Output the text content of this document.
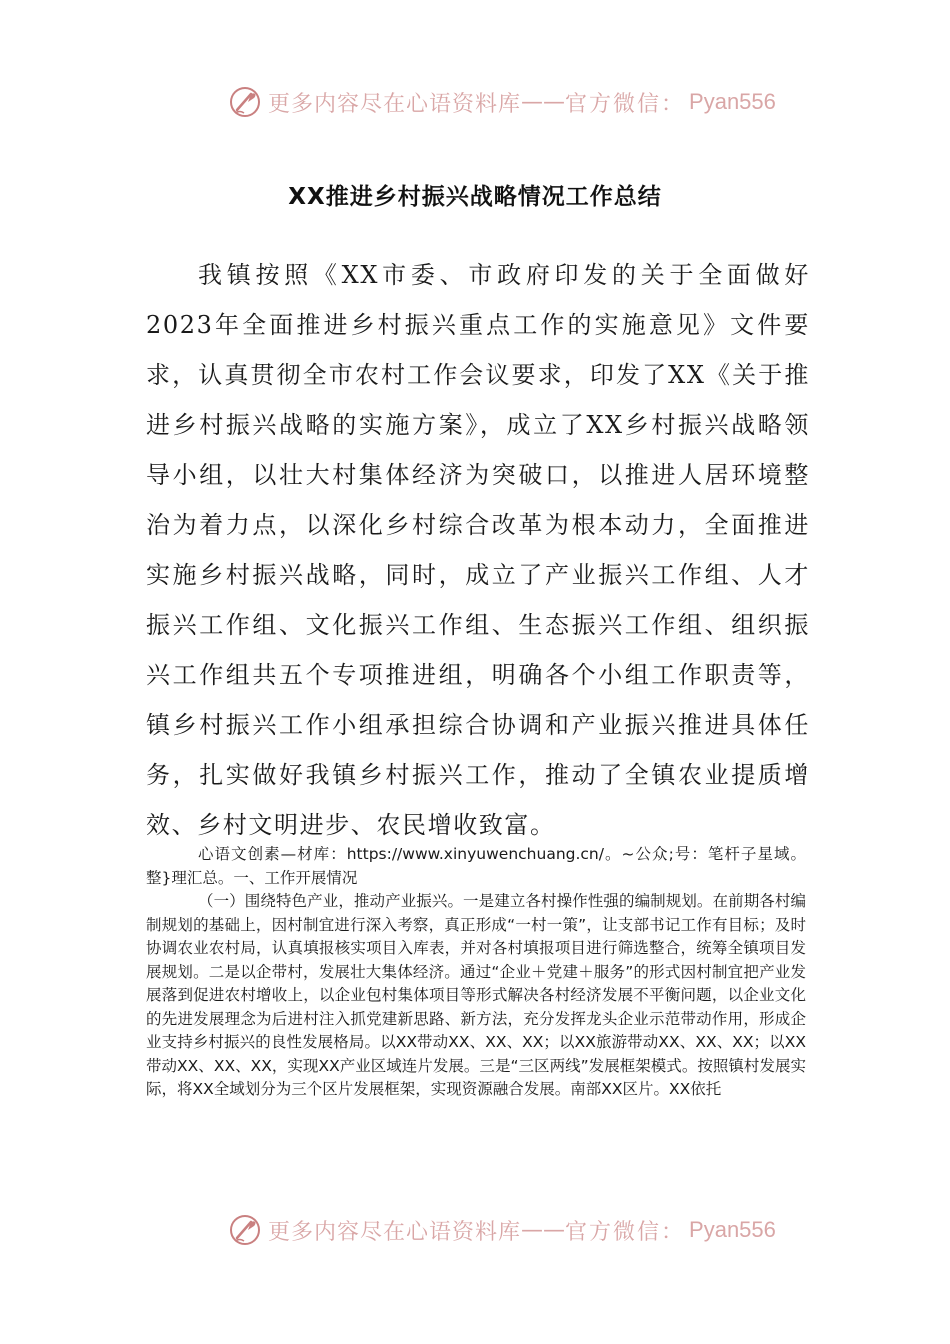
更多内容尽在心语资料库 —— 官方微信： Pyan556
XX推进乡村振兴战略情况工作总结

我镇按照《XX市委、市政府印发的关于全面做好2023年全面推进乡村振兴重点工作的实施意见》文件要求，认真贯彻全市农村工作会议要求，印发了XX《关于推进乡村振兴战略的实施方案》，成立了XX乡村振兴战略领导小组，以壮大村集体经济为突破口，以推进人居环境整治为着力点，以深化乡村综合改革为根本动力，全面推进实施乡村振兴战略，同时，成立了产业振兴工作组、人才振兴工作组、文化振兴工作组、生态振兴工作组、组织振兴工作组共五个专项推进组，明确各个小组工作职责等，镇乡村振兴工作小组承担综合协调和产业振兴推进具体任务，扎实做好我镇乡村振兴工作，推动了全镇农业提质增效、乡村文明进步、农民增收致富。

心语文创素—材库：https://www.xinyuwenchuang.cn/。~公众;号：笔杆子星域。整}理汇总。一、工作开展情况

（一）围绕特色产业，推动产业振兴。一是建立各村操作性强的编制规划。在前期各村编制规划的基础上，因村制宜进行深入考察，真正形成“一村一策”，让支部书记工作有目标；及时协调农业农村局，认真填报核实项目入库表，并对各村填报项目进行筛选整合，统筹全镇项目发展规划。二是以企带村，发展壮大集体经济。通过“企业＋党建＋服务”的形式因村制宜把产业发展落到促进农村增收上，以企业包村集体项目等形式解决各村经济发展不平衡问题，以企业文化的先进发展理念为后进村注入抓党建新思路、新方法，充分发挥龙头企业示范带动作用，形成企业支持乡村振兴的良性发展格局。以XX带动XX、XX、XX；以XX旅游带动XX、XX、XX；以XX带动XX、XX、XX，实现XX产业区域连片发展。三是“三区两线”发展框架模式。按照镇村发展实际，将XX全域划分为三个区片发展框架，实现资源融合发展。南部XX区片。XX依托

更多内容尽在心语资料库 —— 官方微信： Pyan556
